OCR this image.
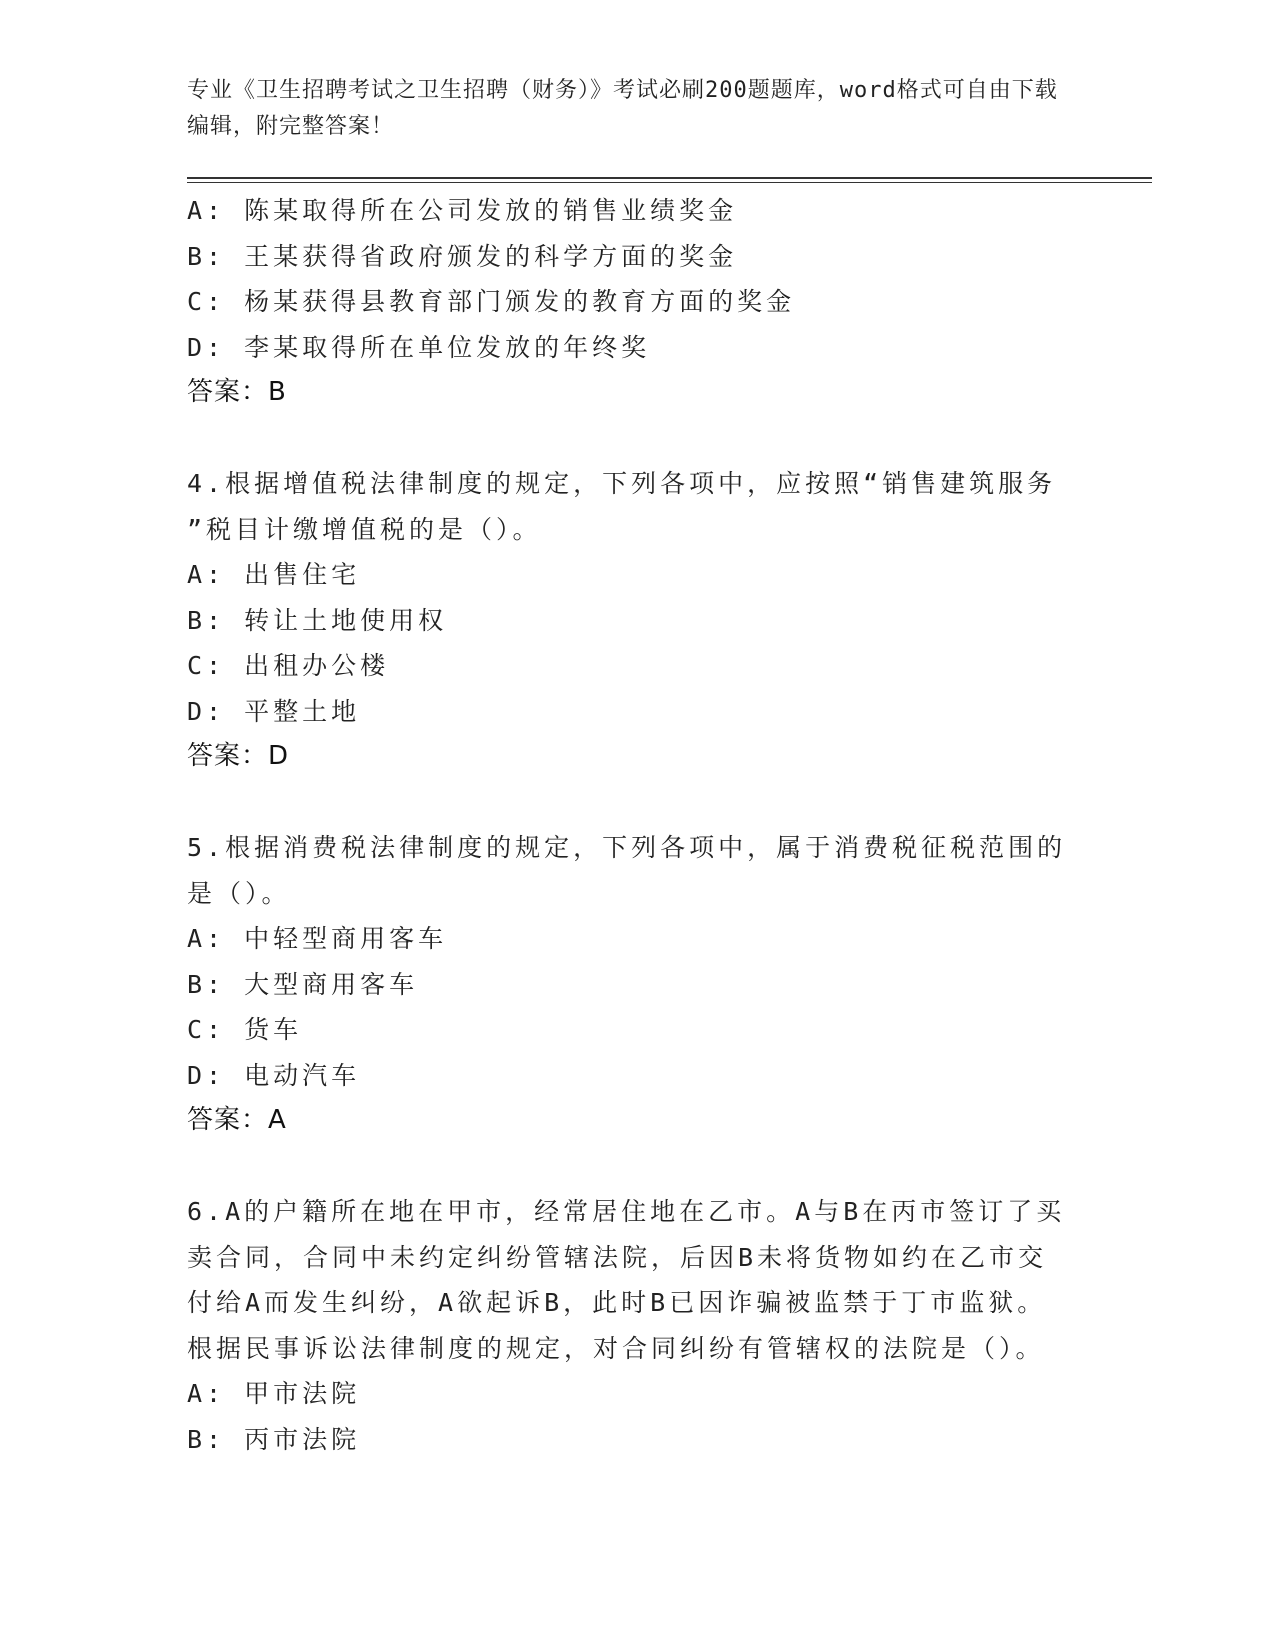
专业《卫生招聘考试之卫生招聘（财务）》考试必刷200题题库，word格式可自由下载编辑，附完整答案！
A: 陈某取得所在公司发放的销售业绩奖金
B: 王某获得省政府颁发的科学方面的奖金
C: 杨某获得县教育部门颁发的教育方面的奖金
D: 李某取得所在单位发放的年终奖
答案：B
4.根据增值税法律制度的规定，下列各项中，应按照“销售建筑服务
”税目计缴增值税的是（）。
A: 出售住宅
B: 转让土地使用权
C: 出租办公楼
D: 平整土地
答案：D
5.根据消费税法律制度的规定，下列各项中，属于消费税征税范围的
是（）。
A: 中轻型商用客车
B: 大型商用客车
C: 货车
D: 电动汽车
答案：A
6.A的户籍所在地在甲市，经常居住地在乙市。A与B在丙市签订了买
卖合同，合同中未约定纠纷管辖法院，后因B未将货物如约在乙市交
付给A而发生纠纷，A欲起诉B，此时B已因诈骗被监禁于丁市监狱。
根据民事诉讼法律制度的规定，对合同纠纷有管辖权的法院是（）。
A: 甲市法院
B: 丙市法院
